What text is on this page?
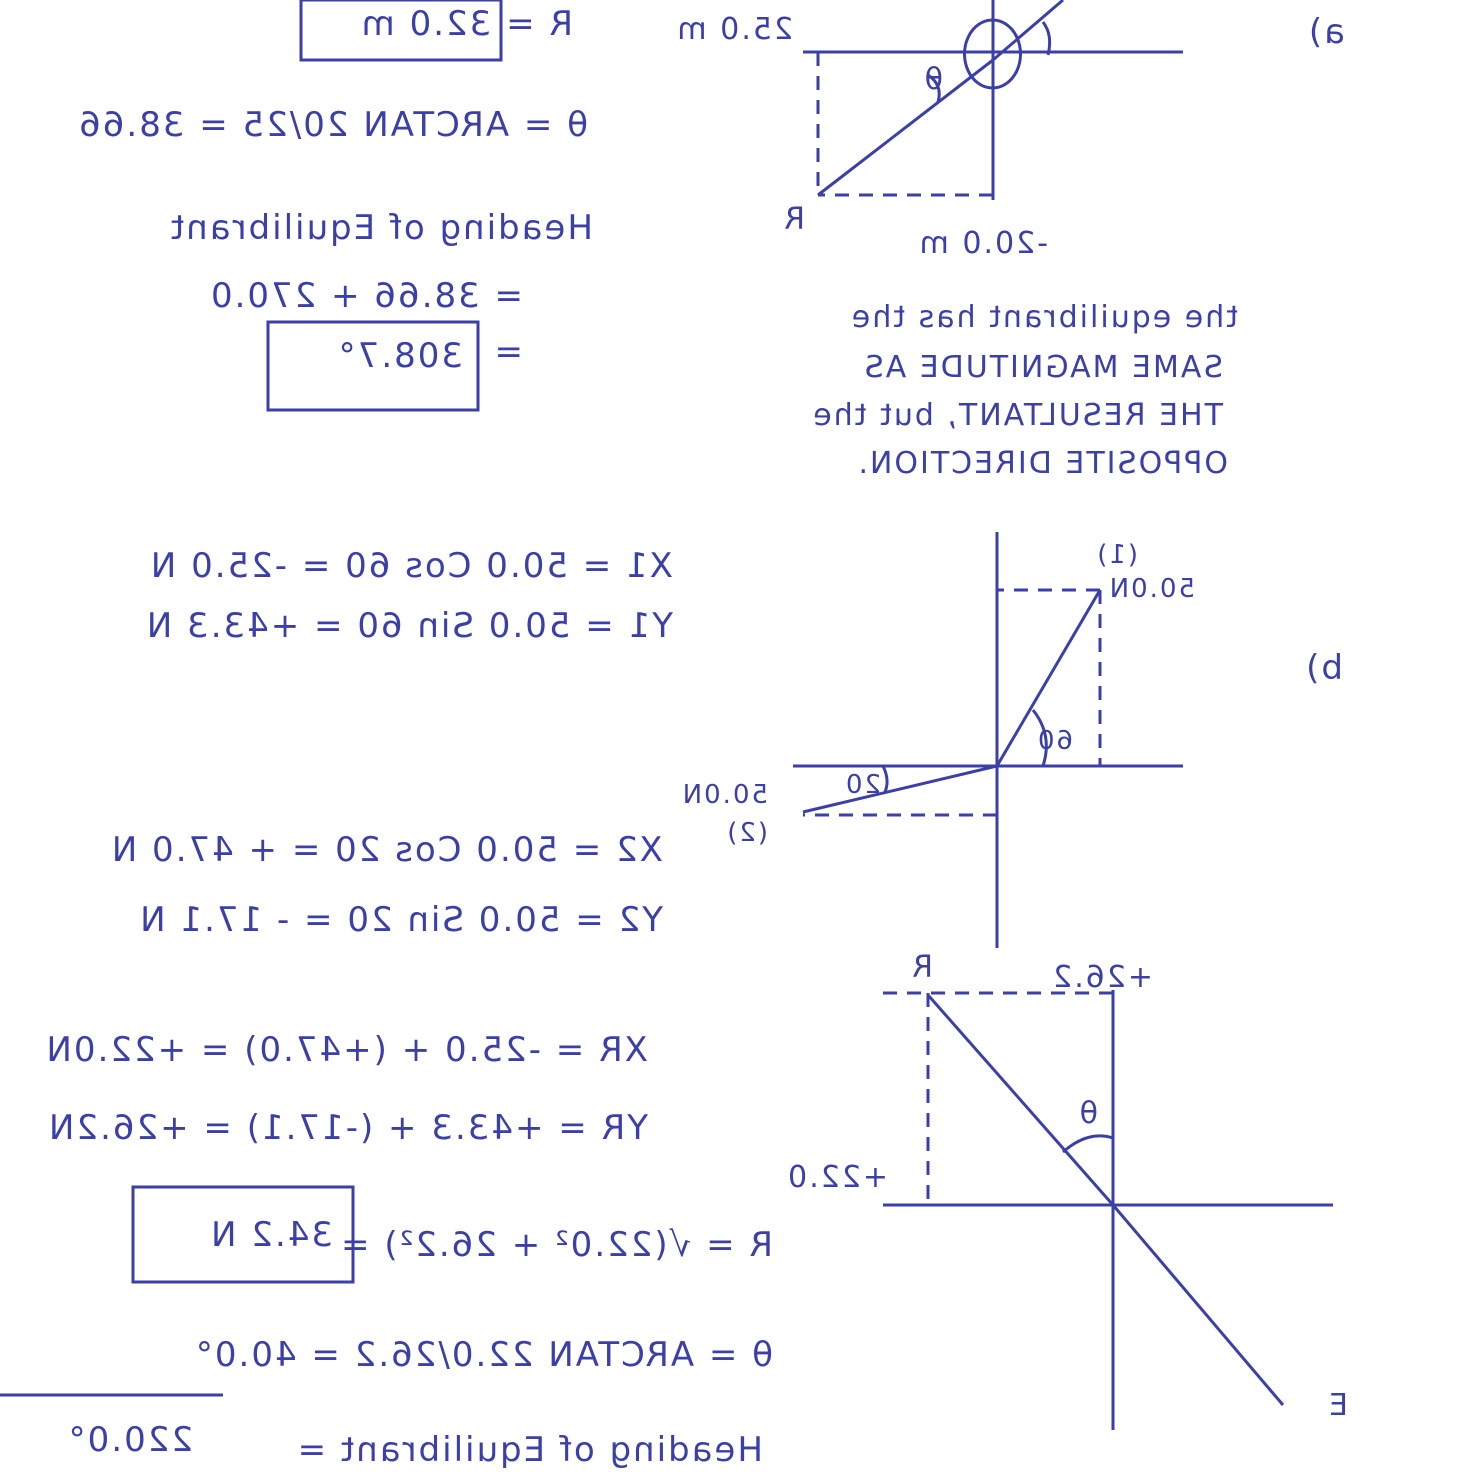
a)
R = 32.0 m	25.0 m
-20.0 m
R
θ
θ = ARCTAN 20/25 = 38.66
Heading of Equilibrant
= 38.66 + 270.0
=
308.7°
the equilibrant has the
SAME MAGNITUDE AS
THE RESULTANT, but the
OPPOSITE DIRECTION.
b)
X1 = 50.0 Cos 60 = -25.0 N
Y1 = 50.0 Sin 60 = +43.3 N
(1)
50.0N
60
(2)
50.0N	20
X2 = 50.0 Cos 20 = + 47.0 N
Y2 = 50.0 Sin 20 = - 17.1 N
XR = -25.0 + (+47.0) = +22.0N
YR = +43.3 + (-17.1) = +26.2N
R = √(22.0² + 26.2²) =
34.2 N
θ = ARCTAN 22.0/26.2 = 40.0°
Heading of Equilibrant =
220.0°
R	+26.2
+22.0
θ
E
